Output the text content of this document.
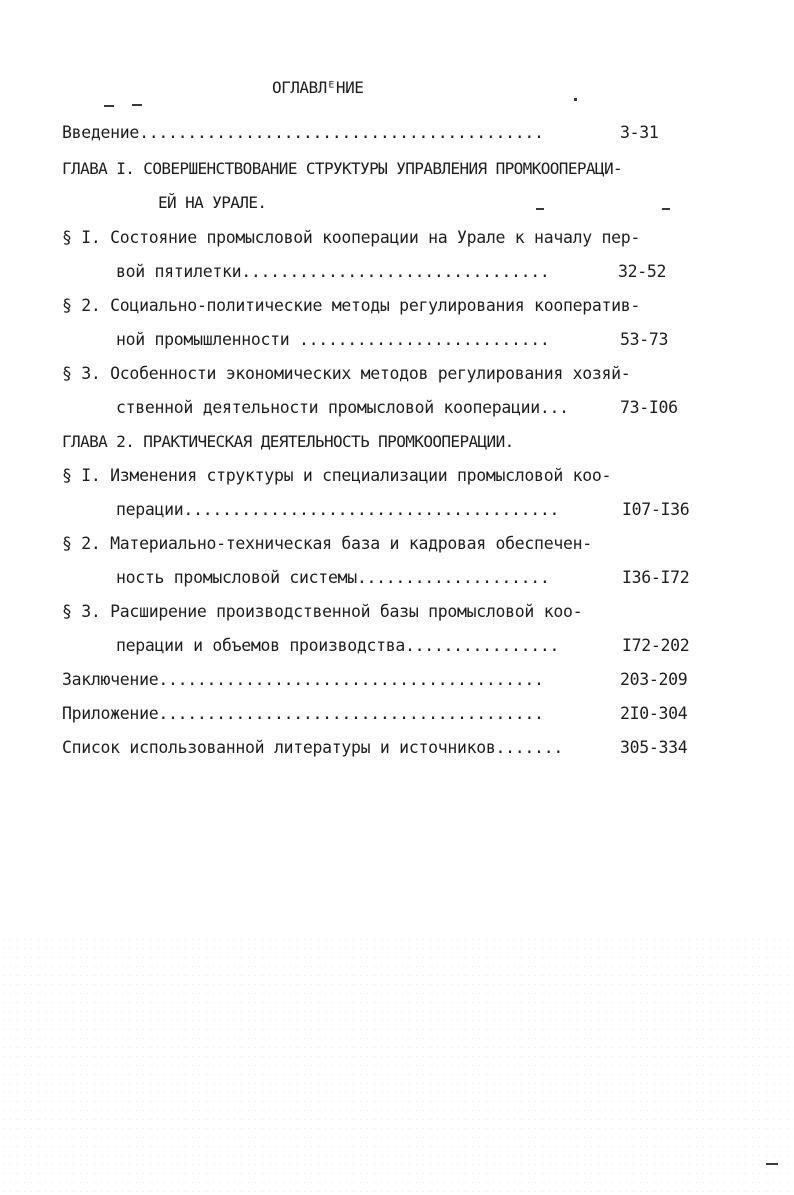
ОГЛАВЛᴱНИЕ
Введение..........................................	3-31
ГЛАВА I. СОВЕРШЕНСТВОВАНИЕ СТРУКТУРЫ УПРАВЛЕНИЯ ПРОМКООПЕРАЦИ-
ЕЙ НА УРАЛЕ.
§ I. Состояние промысловой кооперации на Урале к началу пер-
вой пятилетки................................	32-52
§ 2. Социально-политические методы регулирования кооператив-
ной промышленности ..........................	53-73
§ 3. Особенности экономических методов регулирования хозяй-
ственной деятельности промысловой кооперации...	73-I06
ГЛАВА 2. ПРАКТИЧЕСКАЯ ДЕЯТЕЛЬНОСТЬ ПРОМКООПЕРАЦИИ.
§ I. Изменения структуры и специализации промысловой коо-
перации.......................................	I07-I36
§ 2. Материально-техническая база и кадровая обеспечен-
ность промысловой системы....................	I36-I72
§ 3. Расширение производственной базы промысловой коо-
перации и объемов производства................	I72-202
Заключение........................................	203-209
Приложение........................................	2I0-304
Список использованной литературы и источников.......	305-334
